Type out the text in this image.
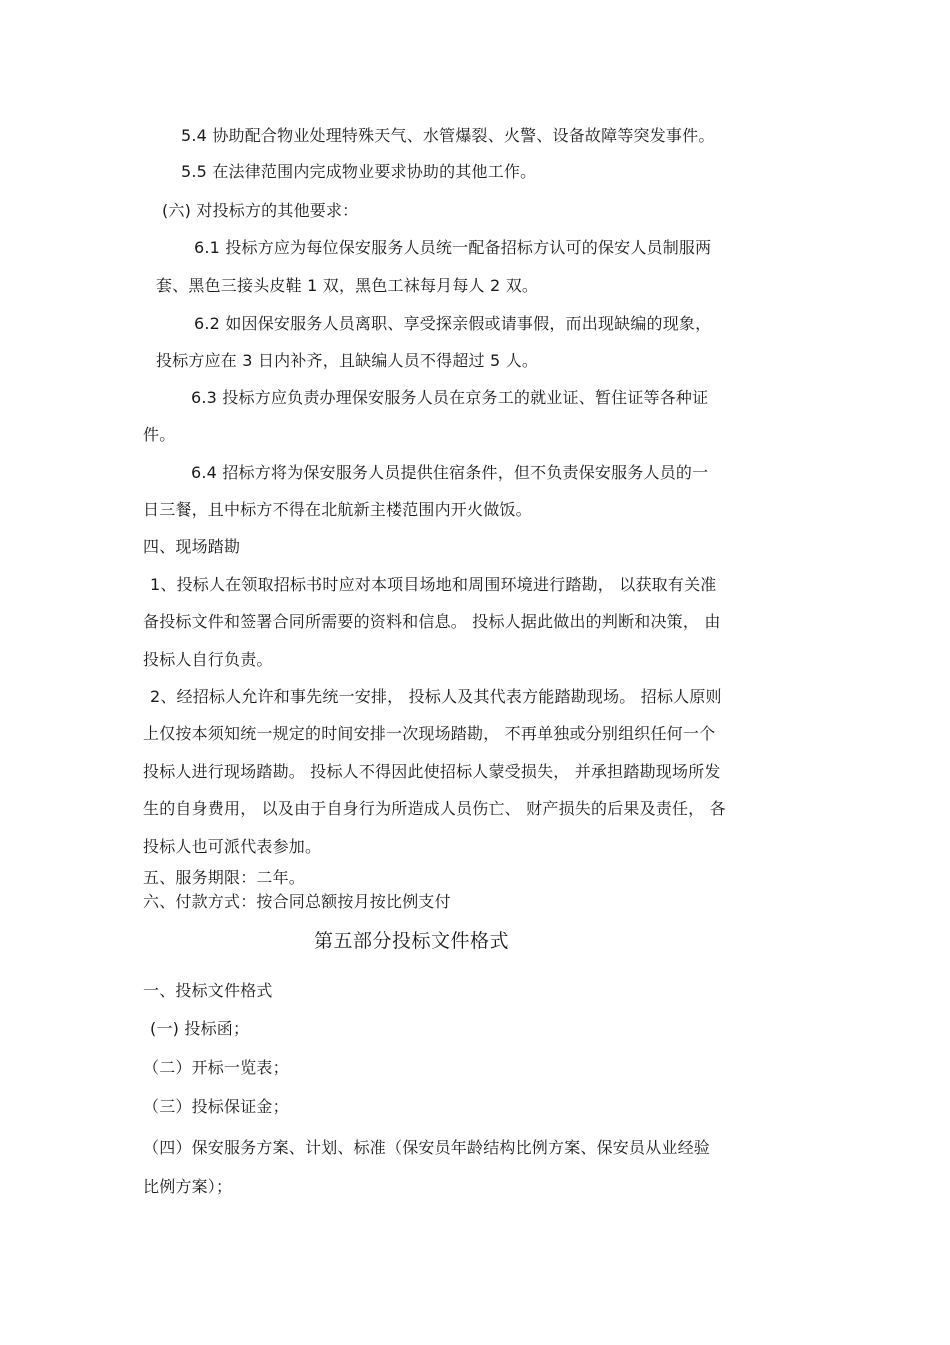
5.4 协助配合物业处理特殊天气、水管爆裂、火警、设备故障等突发事件。
5.5 在法律范围内完成物业要求协助的其他工作。
(六) 对投标方的其他要求：
6.1 投标方应为每位保安服务人员统一配备招标方认可的保安人员制服两
套、黑色三接头皮鞋 1 双，黑色工袜每月每人 2 双。
6.2 如因保安服务人员离职、享受探亲假或请事假，而出现缺编的现象，
投标方应在 3 日内补齐，且缺编人员不得超过 5 人。
6.3 投标方应负责办理保安服务人员在京务工的就业证、暂住证等各种证
件。
6.4 招标方将为保安服务人员提供住宿条件，但不负责保安服务人员的一
日三餐，且中标方不得在北航新主楼范围内开火做饭。
四、现场踏勘
1、投标人在领取招标书时应对本项目场地和周围环境进行踏勘， 以获取有关准
备投标文件和签署合同所需要的资料和信息。 投标人据此做出的判断和决策， 由
投标人自行负责。
2、经招标人允许和事先统一安排， 投标人及其代表方能踏勘现场。 招标人原则
上仅按本须知统一规定的时间安排一次现场踏勘， 不再单独或分别组织任何一个
投标人进行现场踏勘。 投标人不得因此使招标人蒙受损失， 并承担踏勘现场所发
生的自身费用， 以及由于自身行为所造成人员伤亡、 财产损失的后果及责任， 各
投标人也可派代表参加。
五、服务期限：二年。
六、付款方式：按合同总额按月按比例支付
第五部分投标文件格式
一、投标文件格式
(一) 投标函；
（二）开标一览表；
（三）投标保证金；
（四）保安服务方案、计划、标准（保安员年龄结构比例方案、保安员从业经验
比例方案）；
